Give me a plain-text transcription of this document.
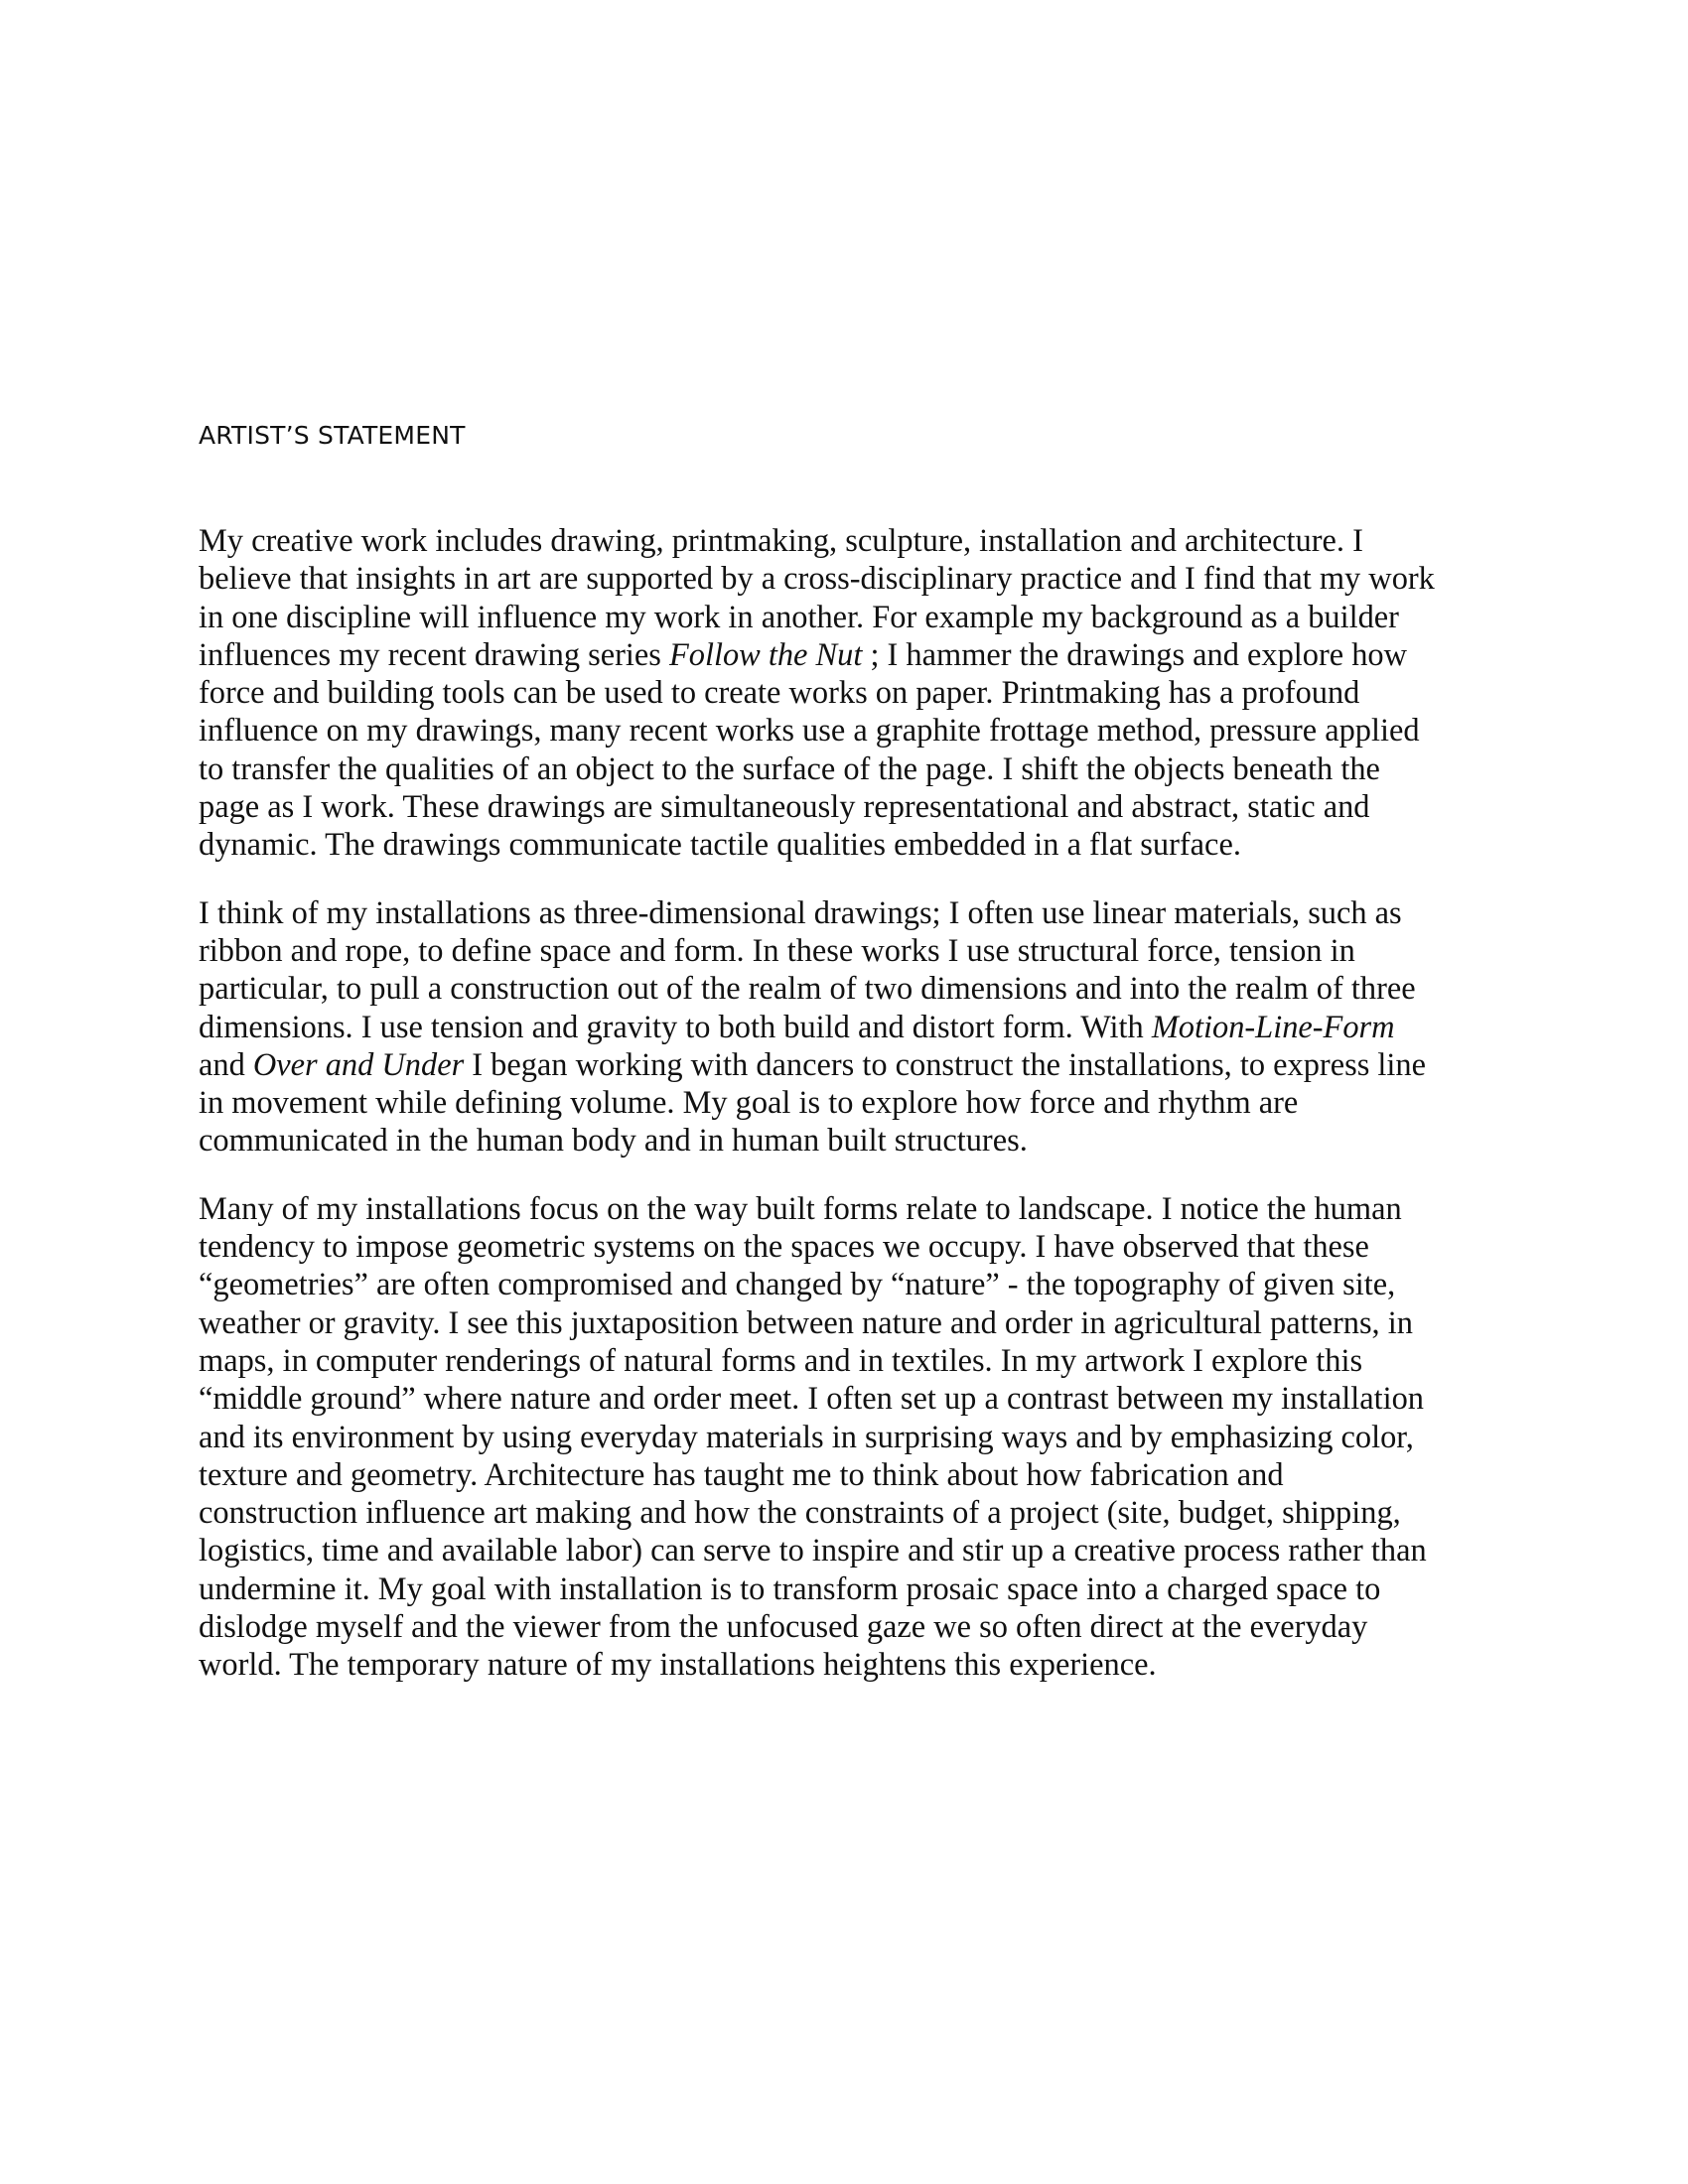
ARTIST’S STATEMENT

My creative work includes drawing, printmaking, sculpture, installation and architecture. I
believe that insights in art are supported by a cross-disciplinary practice and I find that my work
in one discipline will influence my work in another. For example my background as a builder
influences my recent drawing series Follow the Nut ; I hammer the drawings and explore how
force and building tools can be used to create works on paper. Printmaking has a profound
influence on my drawings, many recent works use a graphite frottage method, pressure applied
to transfer the qualities of an object to the surface of the page. I shift the objects beneath the
page as I work. These drawings are simultaneously representational and abstract, static and
dynamic. The drawings communicate tactile qualities embedded in a flat surface.

I think of my installations as three-dimensional drawings; I often use linear materials, such as
ribbon and rope, to define space and form. In these works I use structural force, tension in
particular, to pull a construction out of the realm of two dimensions and into the realm of three
dimensions. I use tension and gravity to both build and distort form. With Motion-Line-Form
and Over and Under I began working with dancers to construct the installations, to express line
in movement while defining volume. My goal is to explore how force and rhythm are
communicated in the human body and in human built structures.

Many of my installations focus on the way built forms relate to landscape. I notice the human
tendency to impose geometric systems on the spaces we occupy. I have observed that these
“geometries” are often compromised and changed by “nature” - the topography of given site,
weather or gravity. I see this juxtaposition between nature and order in agricultural patterns, in
maps, in computer renderings of natural forms and in textiles. In my artwork I explore this
“middle ground” where nature and order meet. I often set up a contrast between my installation
and its environment by using everyday materials in surprising ways and by emphasizing color,
texture and geometry. Architecture has taught me to think about how fabrication and
construction influence art making and how the constraints of a project (site, budget, shipping,
logistics, time and available labor) can serve to inspire and stir up a creative process rather than
undermine it. My goal with installation is to transform prosaic space into a charged space to
dislodge myself and the viewer from the unfocused gaze we so often direct at the everyday
world. The temporary nature of my installations heightens this experience.
